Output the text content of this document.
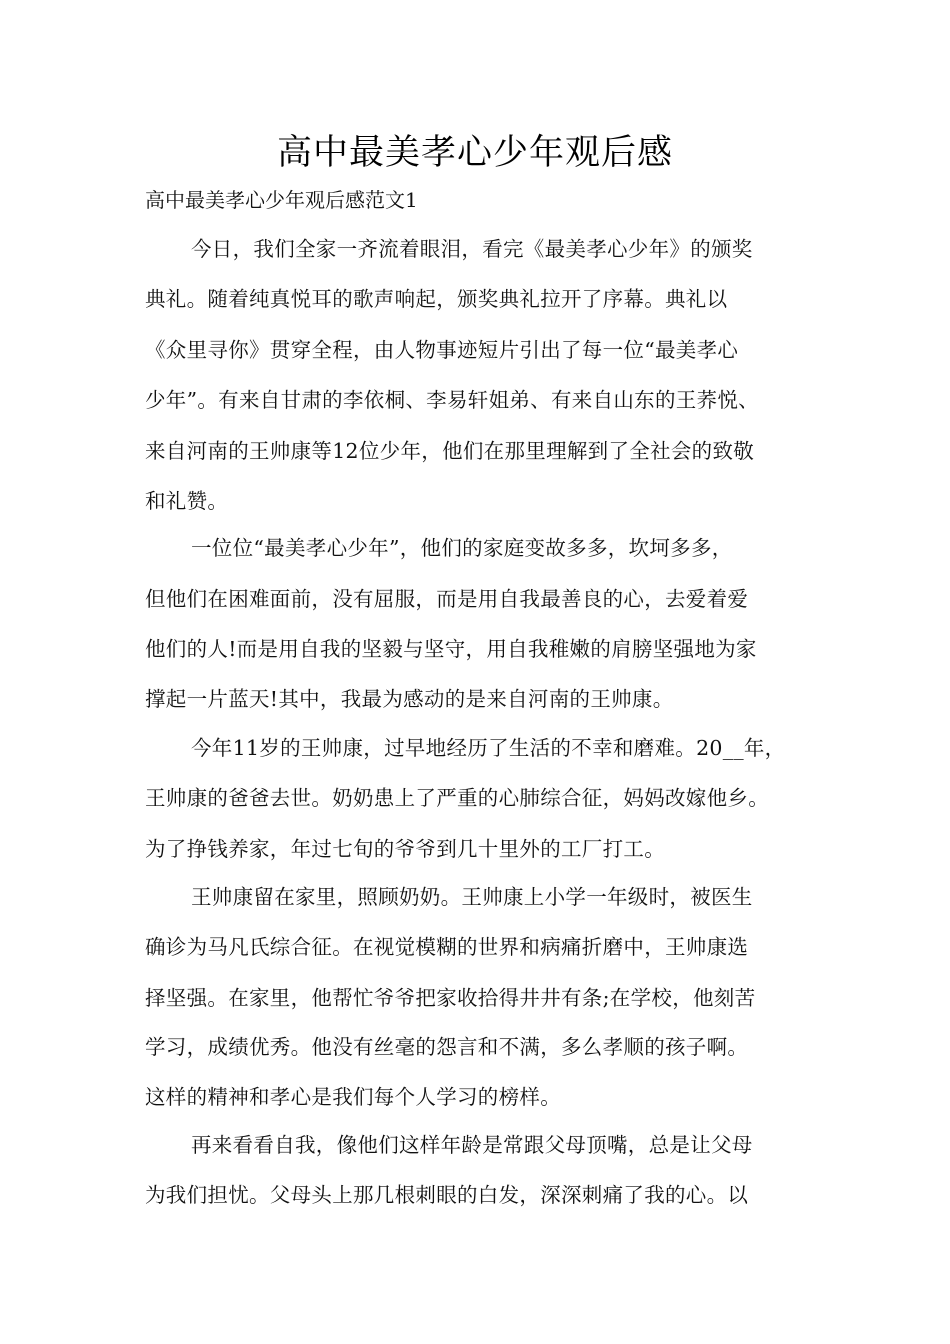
高中最美孝心少年观后感
高中最美孝心少年观后感范文1
今日，我们全家一齐流着眼泪，看完《最美孝心少年》的颁奖
典礼。随着纯真悦耳的歌声响起，颁奖典礼拉开了序幕。典礼以
《众里寻你》贯穿全程，由人物事迹短片引出了每一位“最美孝心
少年”。有来自甘肃的李依桐、李易轩姐弟、有来自山东的王荞悦、
来自河南的王帅康等12位少年，他们在那里理解到了全社会的致敬
和礼赞。
一位位“最美孝心少年”，他们的家庭变故多多，坎坷多多，
但他们在困难面前，没有屈服，而是用自我最善良的心，去爱着爱
他们的人!而是用自我的坚毅与坚守，用自我稚嫩的肩膀坚强地为家
撑起一片蓝天!其中，我最为感动的是来自河南的王帅康。
今年11岁的王帅康，过早地经历了生活的不幸和磨难。20__年，
王帅康的爸爸去世。奶奶患上了严重的心肺综合征，妈妈改嫁他乡。
为了挣钱养家，年过七旬的爷爷到几十里外的工厂打工。
王帅康留在家里，照顾奶奶。王帅康上小学一年级时，被医生
确诊为马凡氏综合征。在视觉模糊的世界和病痛折磨中，王帅康选
择坚强。在家里，他帮忙爷爷把家收拾得井井有条;在学校，他刻苦
学习，成绩优秀。他没有丝毫的怨言和不满，多么孝顺的孩子啊。
这样的精神和孝心是我们每个人学习的榜样。
再来看看自我，像他们这样年龄是常跟父母顶嘴，总是让父母
为我们担忧。父母头上那几根刺眼的白发，深深刺痛了我的心。以
